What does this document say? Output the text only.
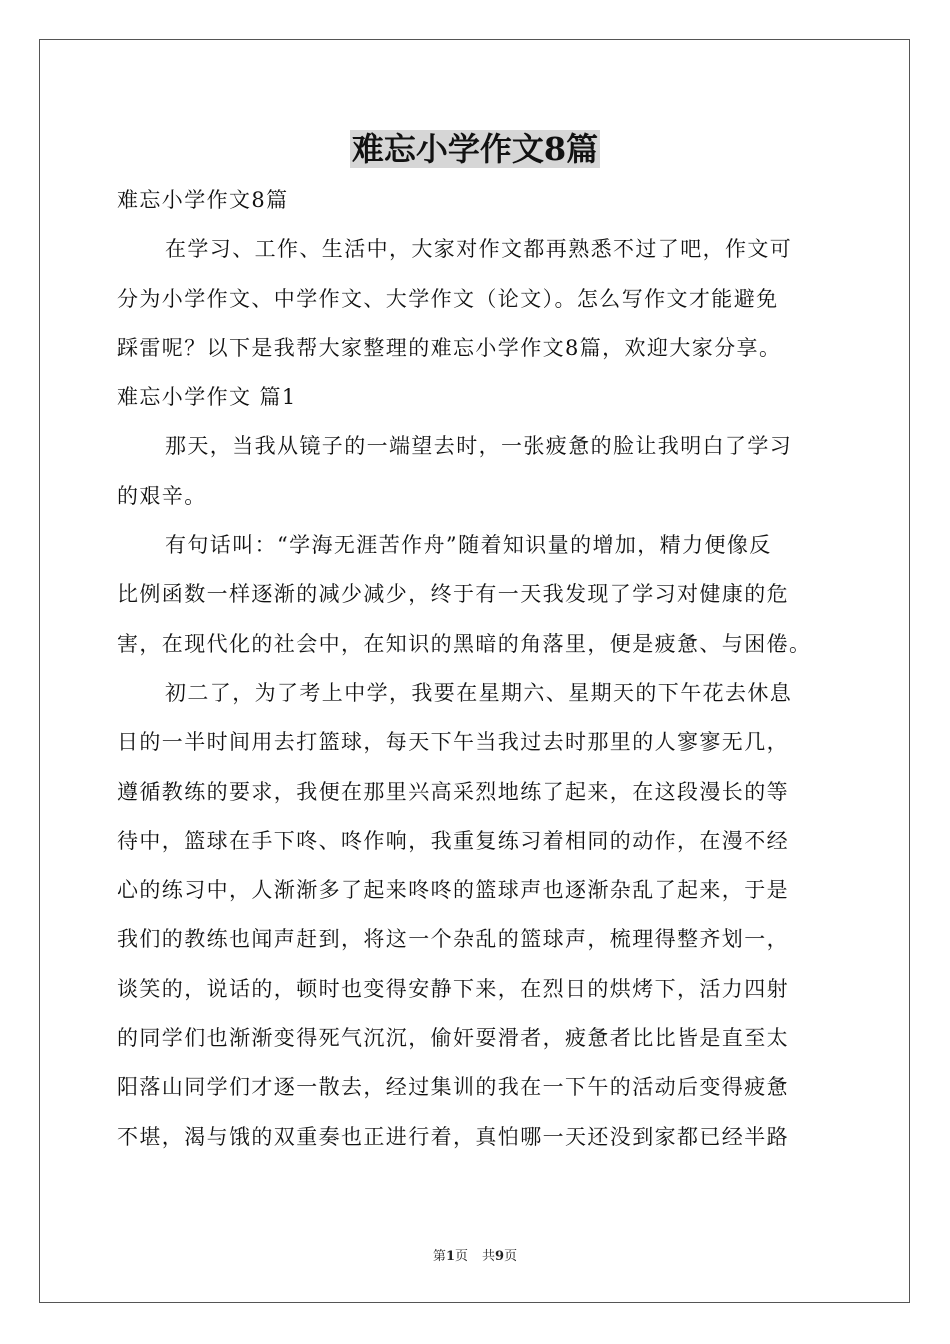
难忘小学作文8篇
难忘小学作文8篇
在学习、工作、生活中，大家对作文都再熟悉不过了吧，作文可
分为小学作文、中学作文、大学作文（论文）。怎么写作文才能避免
踩雷呢？以下是我帮大家整理的难忘小学作文8篇，欢迎大家分享。
难忘小学作文 篇1
那天，当我从镜子的一端望去时，一张疲惫的脸让我明白了学习
的艰辛。
有句话叫：“学海无涯苦作舟”随着知识量的增加，精力便像反
比例函数一样逐渐的减少减少，终于有一天我发现了学习对健康的危
害，在现代化的社会中，在知识的黑暗的角落里，便是疲惫、与困倦。
初二了，为了考上中学，我要在星期六、星期天的下午花去休息
日的一半时间用去打篮球，每天下午当我过去时那里的人寥寥无几，
遵循教练的要求，我便在那里兴高采烈地练了起来，在这段漫长的等
待中，篮球在手下咚、咚作响，我重复练习着相同的动作，在漫不经
心的练习中，人渐渐多了起来咚咚的篮球声也逐渐杂乱了起来，于是
我们的教练也闻声赶到，将这一个杂乱的篮球声，梳理得整齐划一，
谈笑的，说话的，顿时也变得安静下来，在烈日的烘烤下，活力四射
的同学们也渐渐变得死气沉沉，偷奸耍滑者，疲惫者比比皆是直至太
阳落山同学们才逐一散去，经过集训的我在一下午的活动后变得疲惫
不堪，渴与饿的双重奏也正进行着，真怕哪一天还没到家都已经半路
第1页 共9页
